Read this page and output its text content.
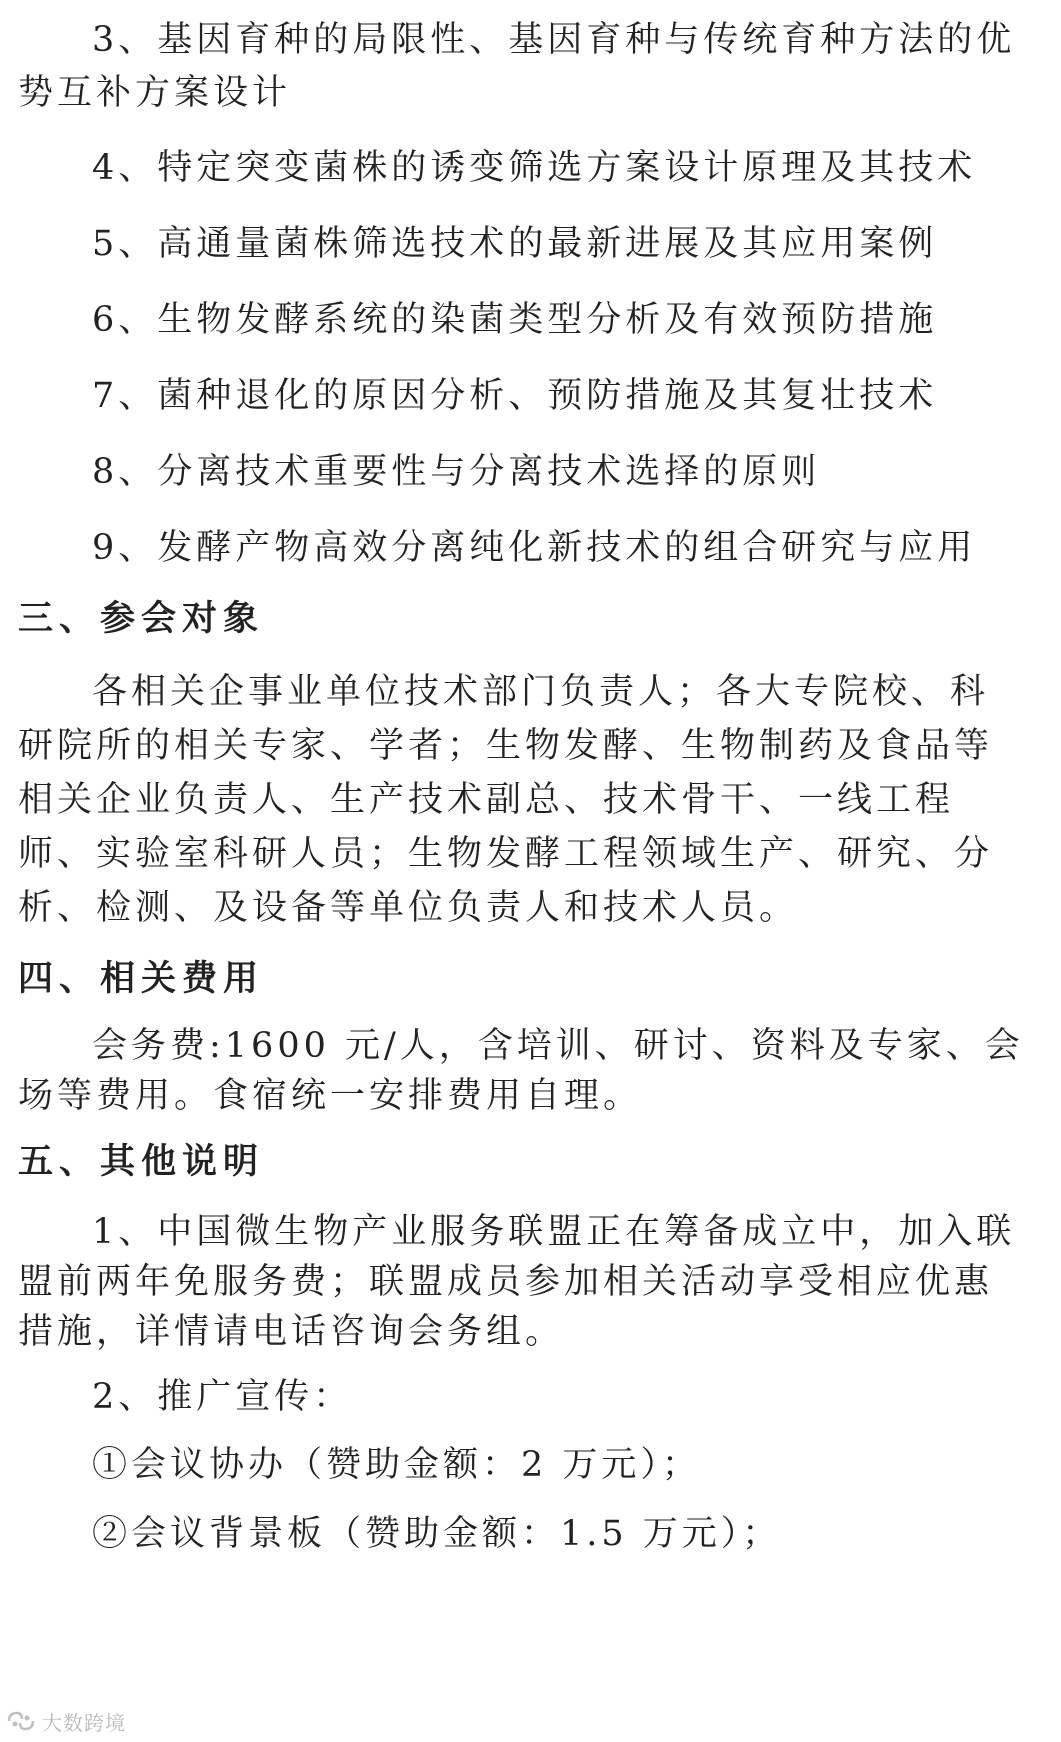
3、基因育种的局限性、基因育种与传统育种方法的优
势互补方案设计
4、特定突变菌株的诱变筛选方案设计原理及其技术
5、高通量菌株筛选技术的最新进展及其应用案例
6、生物发酵系统的染菌类型分析及有效预防措施
7、菌种退化的原因分析、预防措施及其复壮技术
8、分离技术重要性与分离技术选择的原则
9、发酵产物高效分离纯化新技术的组合研究与应用
三、参会对象
各相关企事业单位技术部门负责人；各大专院校、科
研院所的相关专家、学者；生物发酵、生物制药及食品等
相关企业负责人、生产技术副总、技术骨干、一线工程
师、实验室科研人员；生物发酵工程领域生产、研究、分
析、检测、及设备等单位负责人和技术人员。
四、相关费用
会务费:1600 元/人，含培训、研讨、资料及专家、会
场等费用。食宿统一安排费用自理。
五、其他说明
1、中国微生物产业服务联盟正在筹备成立中，加入联
盟前两年免服务费；联盟成员参加相关活动享受相应优惠
措施，详情请电话咨询会务组。
2、推广宣传：
①会议协办（赞助金额：2 万元）；
②会议背景板（赞助金额：1.5 万元）；
大数跨境
